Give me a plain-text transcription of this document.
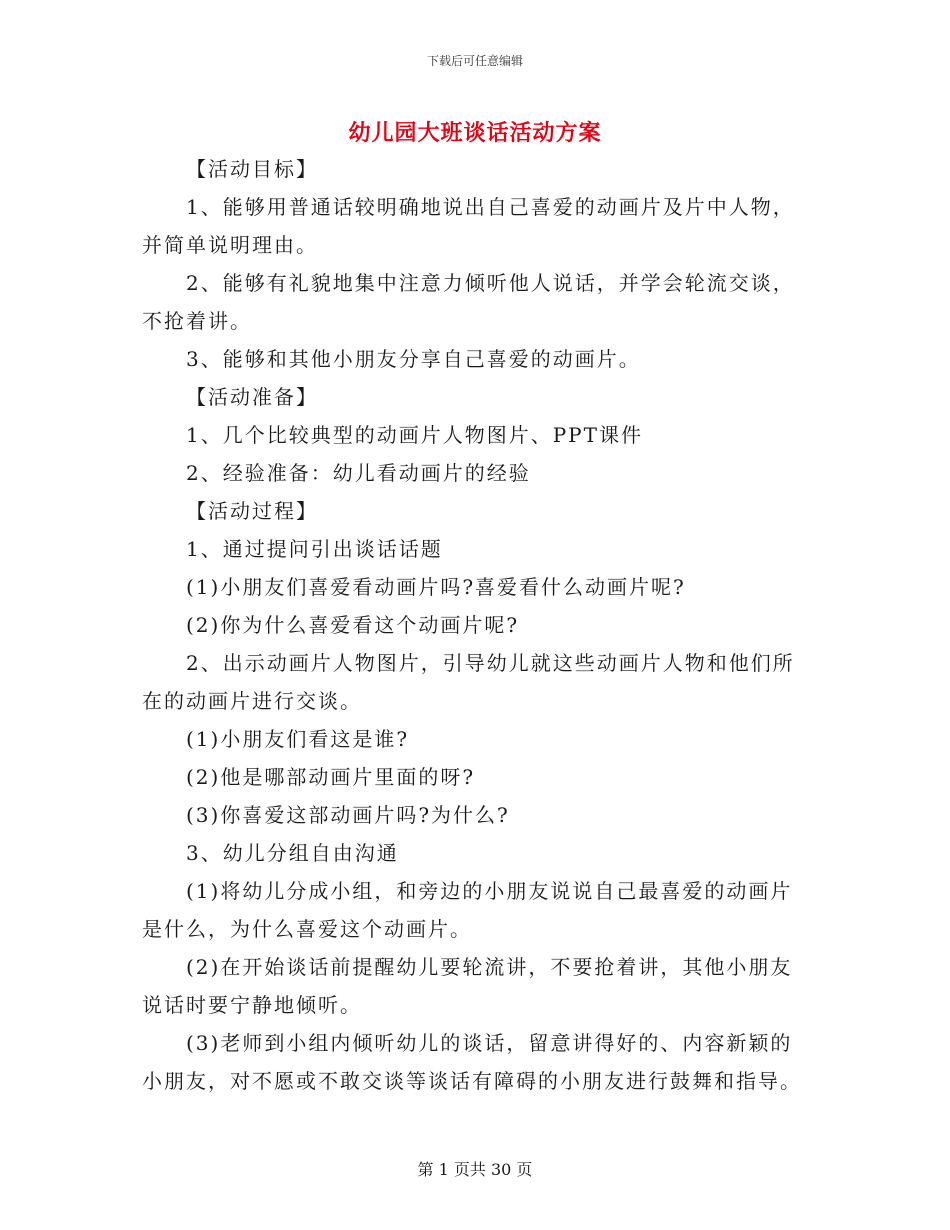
下载后可任意编辑
幼儿园大班谈话活动方案

【活动目标】

1、能够用普通话较明确地说出自己喜爱的动画片及片中人物，并简单说明理由。

2、能够有礼貌地集中注意力倾听他人说话，并学会轮流交谈，不抢着讲。

3、能够和其他小朋友分享自己喜爱的动画片。

【活动准备】

1、几个比较典型的动画片人物图片、PPT课件

2、经验准备：幼儿看动画片的经验

【活动过程】

1、通过提问引出谈话话题

(1)小朋友们喜爱看动画片吗?喜爱看什么动画片呢?

(2)你为什么喜爱看这个动画片呢?

2、出示动画片人物图片，引导幼儿就这些动画片人物和他们所在的动画片进行交谈。

(1)小朋友们看这是谁?

(2)他是哪部动画片里面的呀?

(3)你喜爱这部动画片吗?为什么?

3、幼儿分组自由沟通

(1)将幼儿分成小组，和旁边的小朋友说说自己最喜爱的动画片是什么，为什么喜爱这个动画片。

(2)在开始谈话前提醒幼儿要轮流讲，不要抢着讲，其他小朋友说话时要宁静地倾听。

(3)老师到小组内倾听幼儿的谈话，留意讲得好的、内容新颖的小朋友，对不愿或不敢交谈等谈话有障碍的小朋友进行鼓舞和指导。

第 1 页共 30 页
